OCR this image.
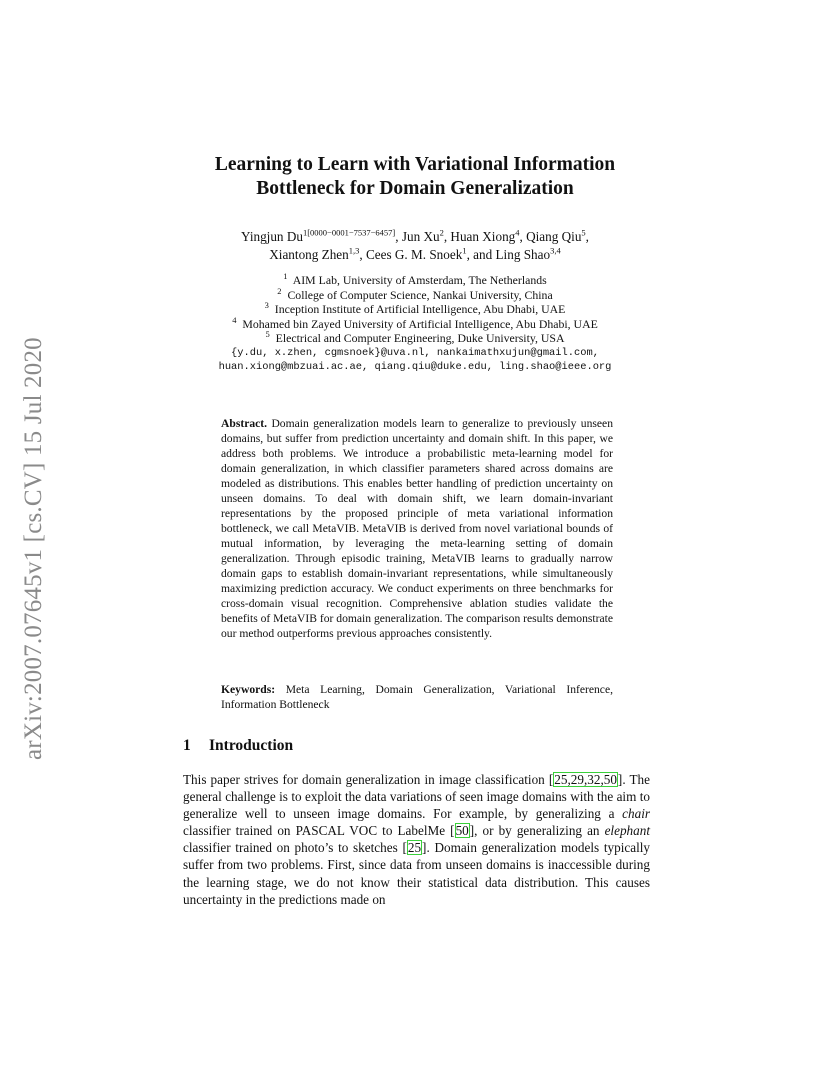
arXiv:2007.07645v1 [cs.CV] 15 Jul 2020
Learning to Learn with Variational Information
Bottleneck for Domain Generalization
Yingjun $Du^{1[0000-0001-7537-6457]}$, Jun Xu$^2$, Huan Xiong$^4$, Qiang Qiu$^5$,
Xiantong Zhen$^{1,3}$, Cees G. M. Snoek$^1$, and Ling Shao$^{3,4}$
$^1$ AIM Lab, University of Amsterdam, The Netherlands
$^2$ College of Computer Science, Nankai University, China
$^3$ Inception Institute of Artificial Intelligence, Abu Dhabi, UAE
$^4$ Mohamed bin Zayed University of Artificial Intelligence, Abu Dhabi, UAE
$^5$ Electrical and Computer Engineering, Duke University, USA
{y.du, x.zhen, cgmsnoek}@uva.nl, nankaimathxujun@gmail.com,
huan.xiong@mbzuai.ac.ae, qiang.qiu@duke.edu, ling.shao@ieee.org
Abstract. Domain generalization models learn to generalize to previously unseen domains, but suffer from prediction uncertainty and domain shift. In this paper, we address both problems. We introduce a probabilistic meta-learning model for domain generalization, in which classifier parameters shared across domains are modeled as distributions. This enables better handling of prediction uncertainty on unseen domains. To deal with domain shift, we learn domain-invariant representations by the proposed principle of meta variational information bottleneck, we call MetaVIB. MetaVIB is derived from novel variational bounds of mutual information, by leveraging the meta-learning setting of domain generalization. Through episodic training, MetaVIB learns to gradually narrow domain gaps to establish domain-invariant representations, while simultaneously maximizing prediction accuracy. We conduct experiments on three benchmarks for cross-domain visual recognition. Comprehensive ablation studies validate the benefits of MetaVIB for domain generalization. The comparison results demonstrate our method outperforms previous approaches consistently.
Keywords: Meta Learning, Domain Generalization, Variational Inference, Information Bottleneck
1 Introduction
This paper strives for domain generalization in image classification [25,29,32,50]. The general challenge is to exploit the data variations of seen image domains with the aim to generalize well to unseen image domains. For example, by generalizing a chair classifier trained on PASCAL VOC to LabelMe [50], or by generalizing an elephant classifier trained on photo’s to sketches [25]. Domain generalization models typically suffer from two problems. First, since data from unseen domains is inaccessible during the learning stage, we do not know their statistical data distribution. This causes uncertainty in the predictions made on
